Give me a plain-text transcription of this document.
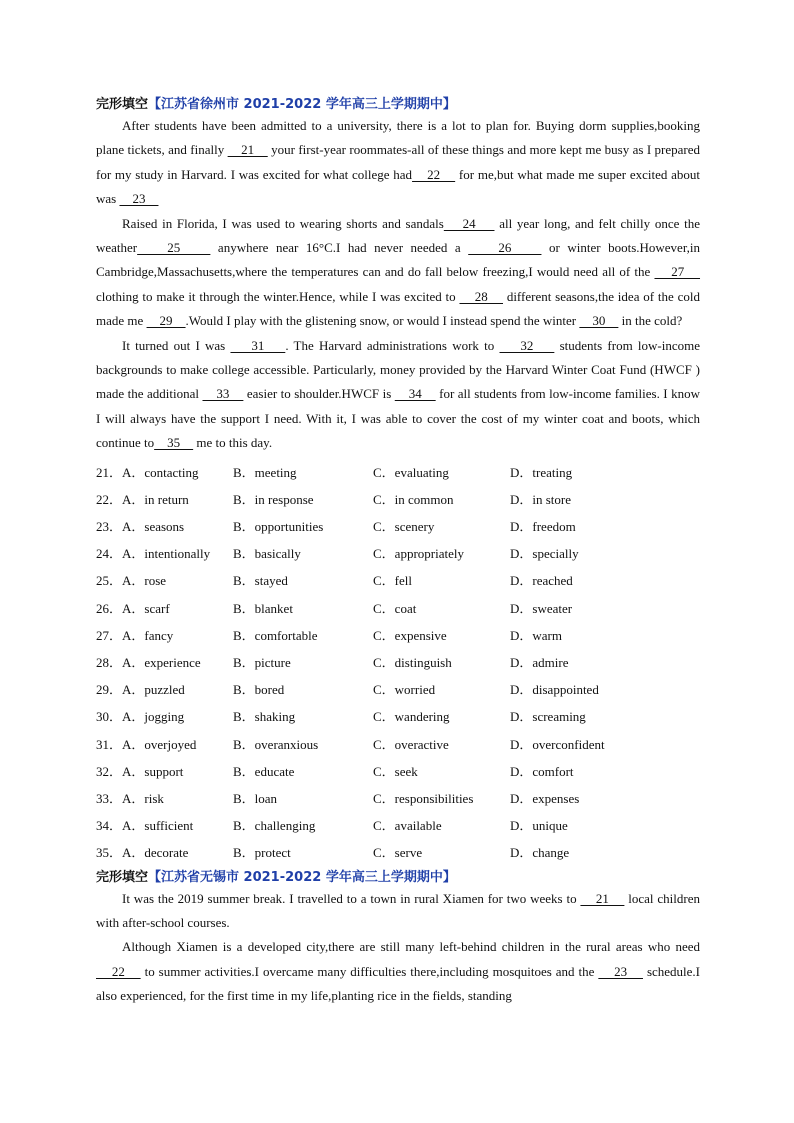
完形填空【江苏省徐州市 2021-2022 学年高三上学期期中】

After students have been admitted to a university, there is a lot to plan for. Buying dorm supplies,booking plane tickets, and finally     21     your first-year roommates-all of these things and more kept me busy as I prepared for my study in Harvard. I was excited for what college had    22     for me,but what made me super excited about was     23

Raised in Florida, I was used to wearing shorts and sandals    24     all year long, and felt chilly once the weather    25     anywhere near 16°C.I had never needed a     26     or winter boots.However,in Cambridge,Massachusetts,where the temperatures can and do fall below freezing,I would need all of the     27     clothing to make it through the winter.Hence, while I was excited to     28     different seasons,the idea of the cold made me     29    .Would I play with the glistening snow, or would I instead spend the winter     30     in the cold?

It turned out I was     31    . The Harvard administrations work to     32     students from low-income backgrounds to make college accessible. Particularly, money provided by the Harvard Winter Coat Fund (HWCF ) made the additional     33     easier to shoulder.HWCF is     34     for all students from low-income families. I know I will always have the support I need. With it, I was able to cover the cost of my winter coat and boots, which continue to    35     me to this day.

21．A．contacting	B．meeting	C．evaluating	D．treating
22．A．in return	B．in response	C．in common	D．in store
23．A．seasons	B．opportunities	C．scenery	D．freedom
24．A．intentionally	B．basically	C．appropriately	D．specially
25．A．rose	B．stayed	C．fell	D．reached
26．A．scarf	B．blanket	C．coat	D．sweater
27．A．fancy	B．comfortable	C．expensive	D．warm
28．A．experience	B．picture	C．distinguish	D．admire
29．A．puzzled	B．bored	C．worried	D．disappointed
30．A．jogging	B．shaking	C．wandering	D．screaming
31．A．overjoyed	B．overanxious	C．overactive	D．overconfident
32．A．support	B．educate	C．seek	D．comfort
33．A．risk	B．loan	C．responsibilities	D．expenses
34．A．sufficient	B．challenging	C．available	D．unique
35．A．decorate	B．protect	C．serve	D．change

完形填空【江苏省无锡市 2021-2022 学年高三上学期期中】

It was the 2019 summer break. I travelled to a town in rural Xiamen for two weeks to     21     local children with after-school courses.

Although Xiamen is a developed city,there are still many left-behind children in the rural areas who need     22     to summer activities.I overcame many difficulties there,including mosquitoes and the     23     schedule.I also experienced, for the first time in my life,planting rice in the fields, standing
